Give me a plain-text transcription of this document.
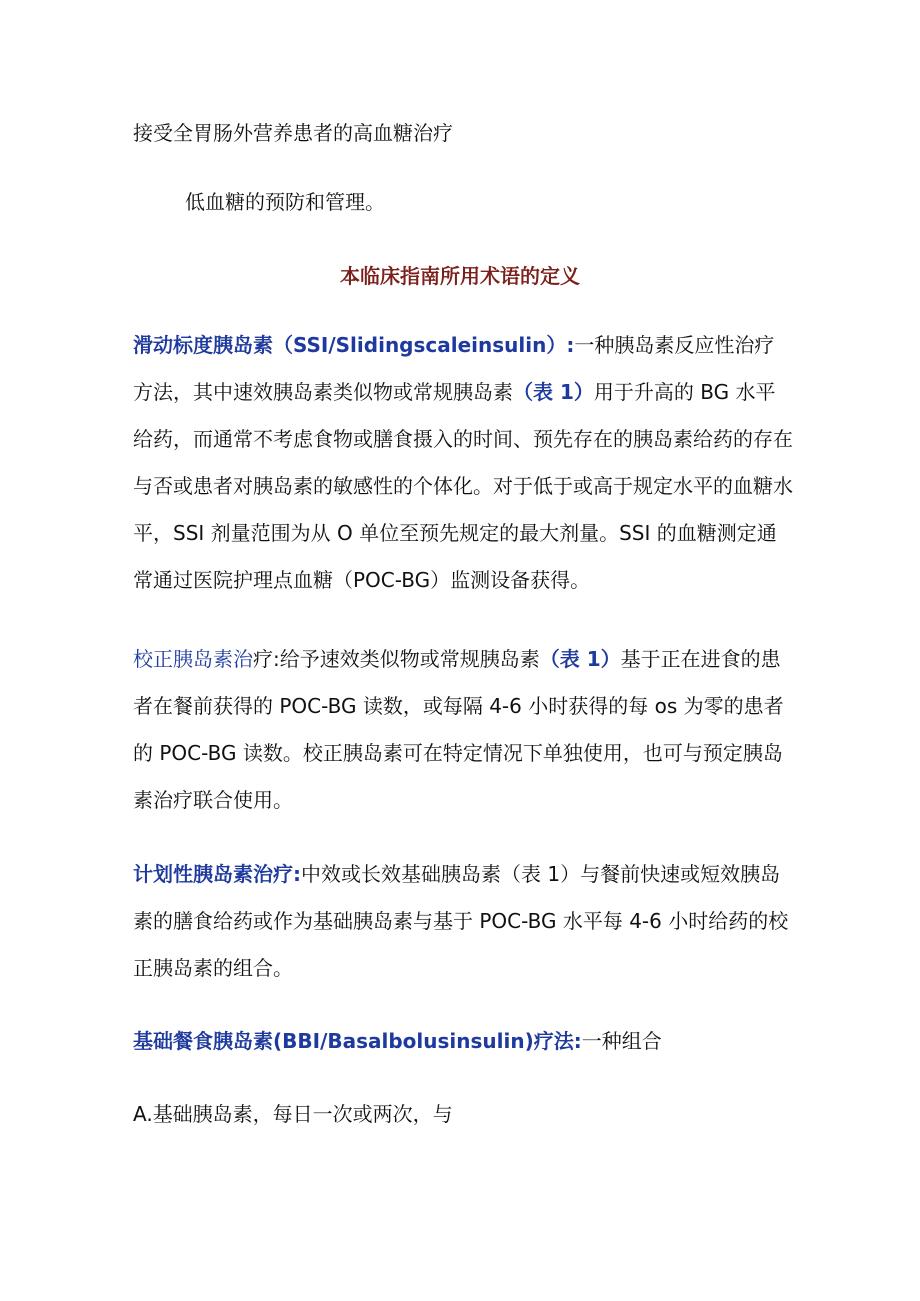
接受全胃肠外营养患者的高血糖治疗
低血糖的预防和管理。
本临床指南所用术语的定义
滑动标度胰岛素（SSI/Slidingscaleinsulin）:一种胰岛素反应性治疗方法，其中速效胰岛素类似物或常规胰岛素（表 1）用于升高的 BG 水平给药，而通常不考虑食物或膳食摄入的时间、预先存在的胰岛素给药的存在与否或患者对胰岛素的敏感性的个体化。对于低于或高于规定水平的血糖水平，SSI 剂量范围为从 O 单位至预先规定的最大剂量。SSI 的血糖测定通常通过医院护理点血糖（POC-BG）监测设备获得。
校正胰岛素治疗:给予速效类似物或常规胰岛素（表 1）基于正在进食的患者在餐前获得的 POC-BG 读数，或每隔 4-6 小时获得的每 os 为零的患者的 POC-BG 读数。校正胰岛素可在特定情况下单独使用，也可与预定胰岛素治疗联合使用。
计划性胰岛素治疗:中效或长效基础胰岛素（表 1）与餐前快速或短效胰岛素的膳食给药或作为基础胰岛素与基于 POC-BG 水平每 4-6 小时给药的校正胰岛素的组合。
基础餐食胰岛素(BBI/Basalbolusinsulin)疗法:一种组合
A.基础胰岛素，每日一次或两次，与
